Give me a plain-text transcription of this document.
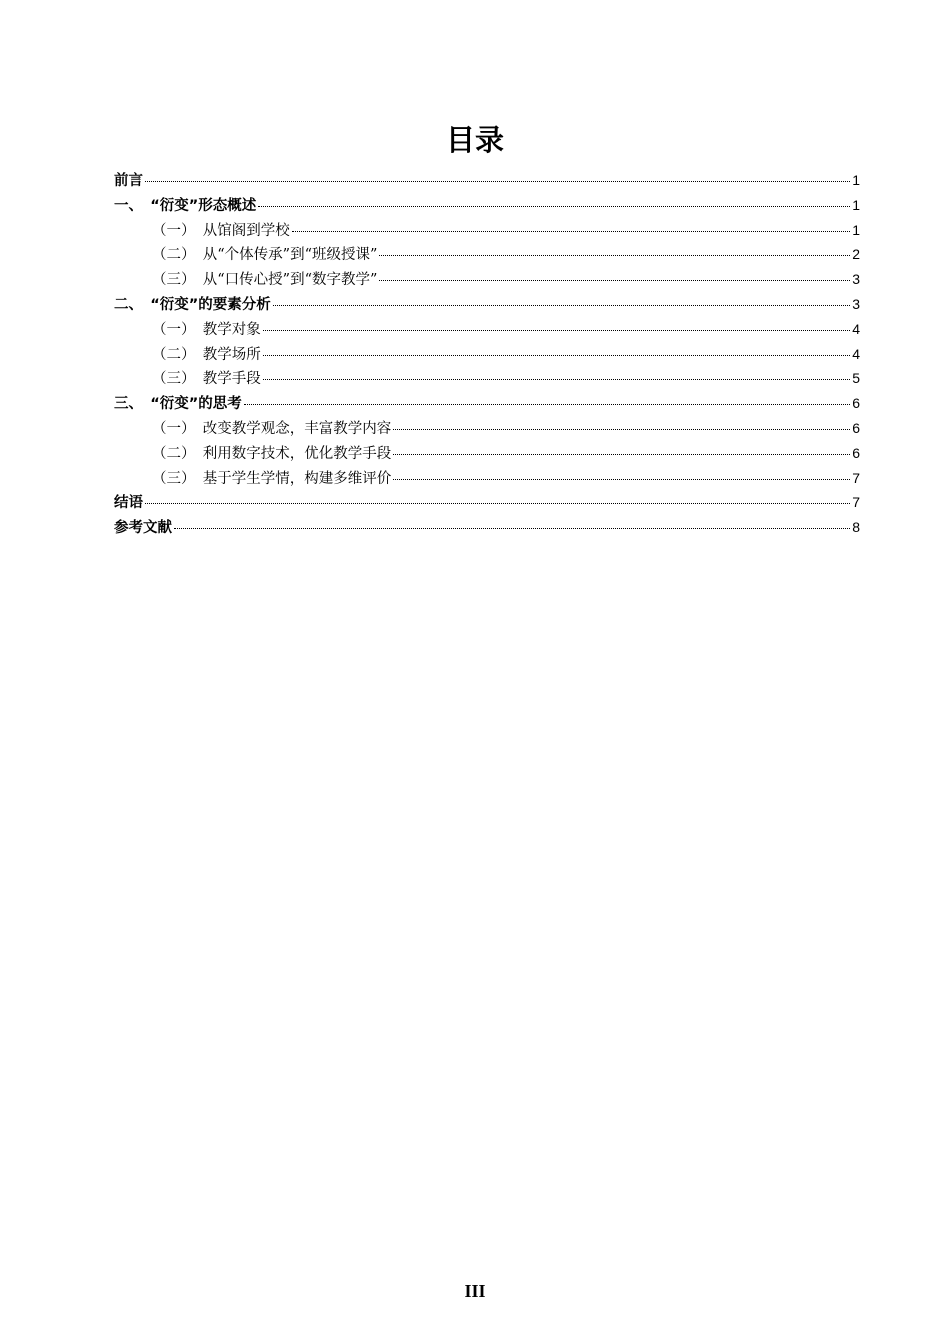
目录
前言	1
一、　“衍变”形态概述	1
（一）　从馆阁到学校	1
（二）　从“个体传承”到“班级授课”	2
（三）　从“口传心授”到“数字教学”	3
二、　“衍变”的要素分析	3
（一）　教学对象	4
（二）　教学场所	4
（三）　教学手段	5
三、　“衍变”的思考	6
（一）　改变教学观念，丰富教学内容	6
（二）　利用数字技术，优化教学手段	6
（三）　基于学生学情，构建多维评价	7
结语	7
参考文献	8
III
